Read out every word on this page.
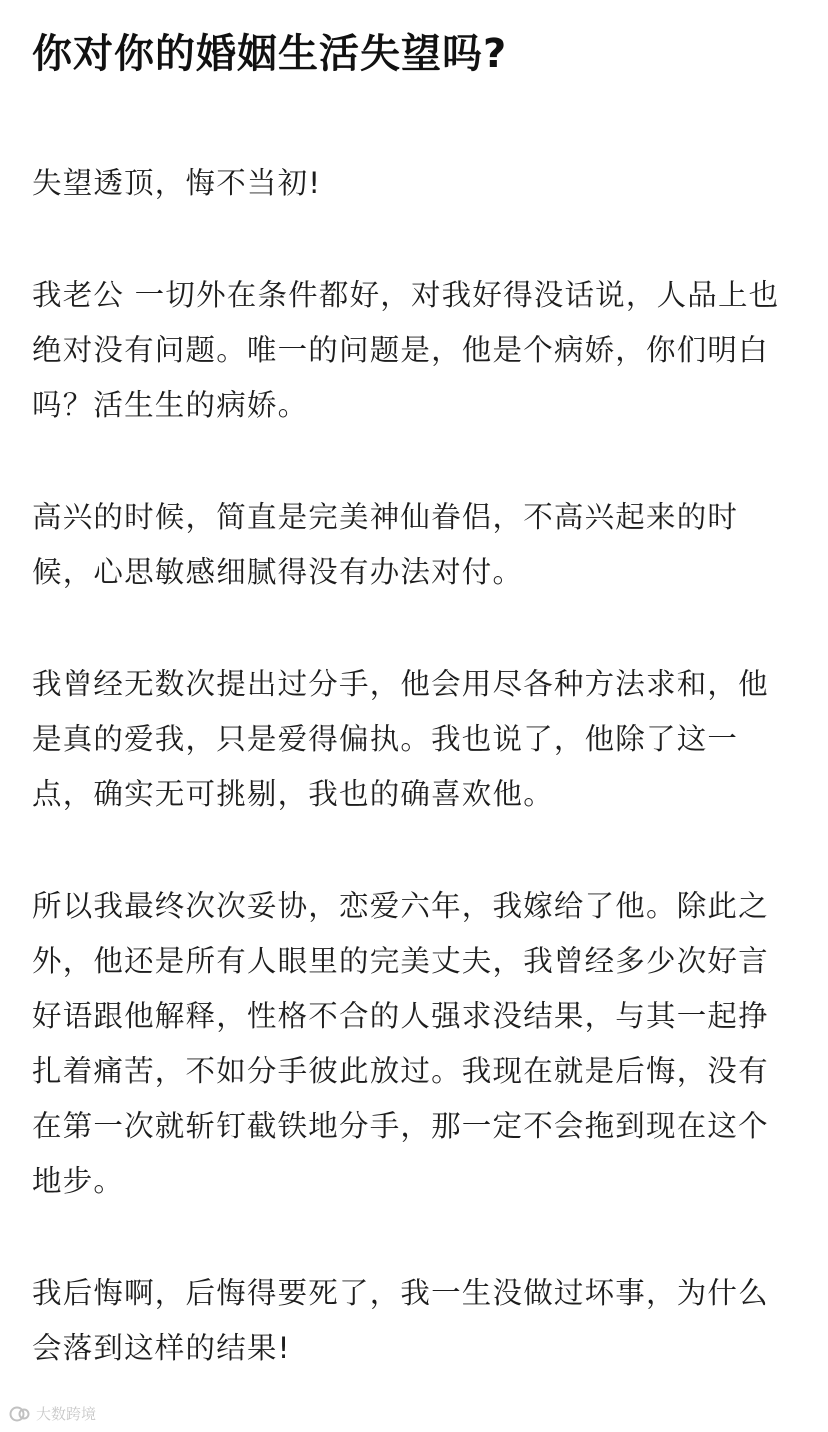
你对你的婚姻生活失望吗?

失望透顶，悔不当初!

我老公 一切外在条件都好，对我好得没话说，人品上也绝对没有问题。唯一的问题是，他是个病娇，你们明白吗？活生生的病娇。

高兴的时候，简直是完美神仙眷侣，不高兴起来的时候，心思敏感细腻得没有办法对付。

我曾经无数次提出过分手，他会用尽各种方法求和，他是真的爱我，只是爱得偏执。我也说了，他除了这一点，确实无可挑剔，我也的确喜欢他。

所以我最终次次妥协，恋爱六年，我嫁给了他。除此之外，他还是所有人眼里的完美丈夫，我曾经多少次好言好语跟他解释，性格不合的人强求没结果，与其一起挣扎着痛苦，不如分手彼此放过。我现在就是后悔，没有在第一次就斩钉截铁地分手，那一定不会拖到现在这个地步。

我后悔啊，后悔得要死了，我一生没做过坏事，为什么会落到这样的结果!

大数跨境
